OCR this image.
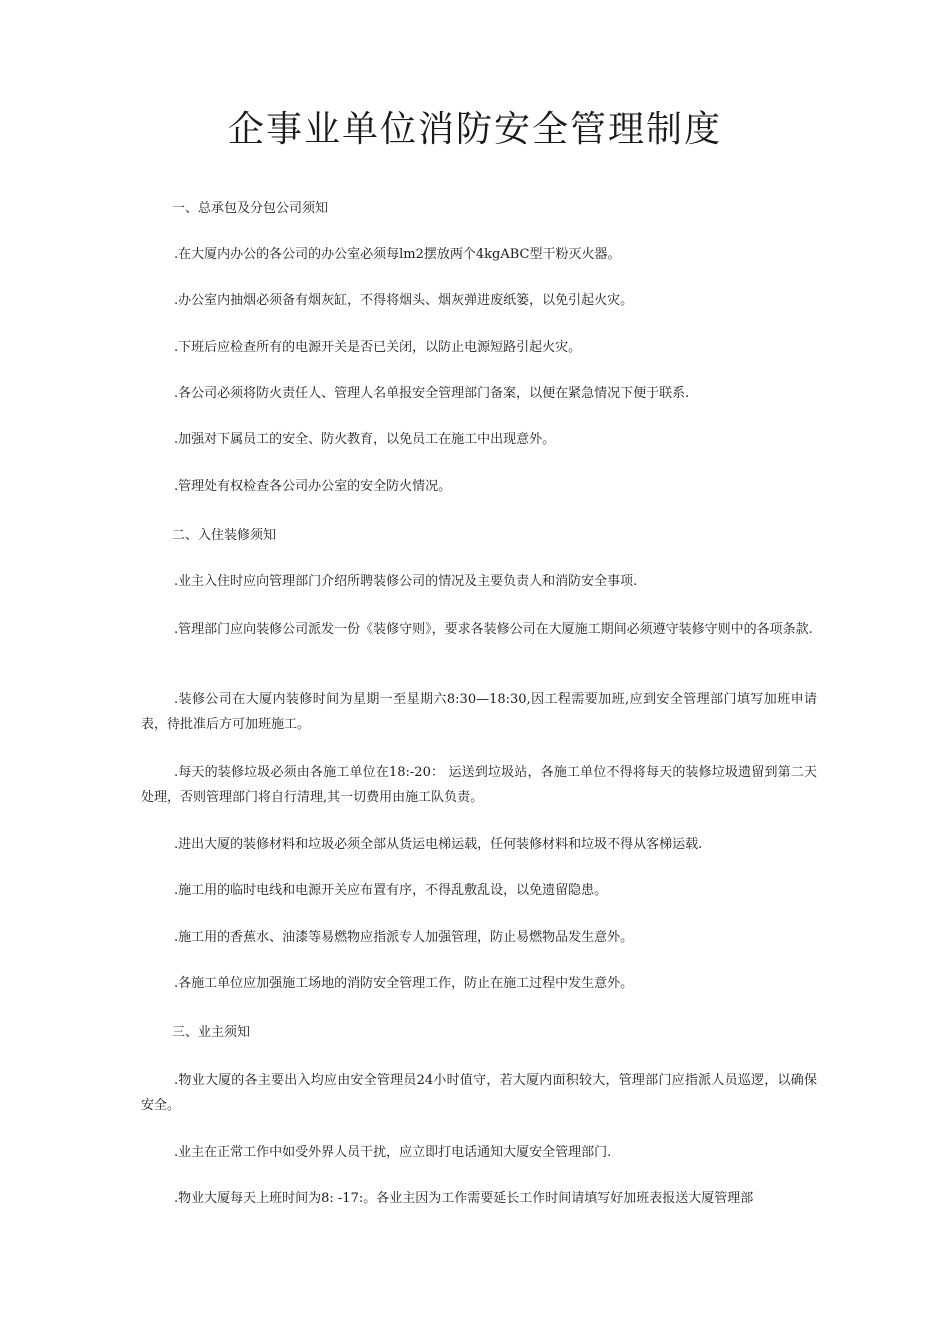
企事业单位消防安全管理制度

一、总承包及分包公司须知

.在大厦内办公的各公司的办公室必须每lm2摆放两个4kgABC型干粉灭火器。

.办公室内抽烟必须备有烟灰缸，不得将烟头、烟灰弹进废纸篓，以免引起火灾。

.下班后应检查所有的电源开关是否已关闭，以防止电源短路引起火灾。

.各公司必须将防火责任人、管理人名单报安全管理部门备案，以便在紧急情况下便于联系.

.加强对下属员工的安全、防火教育，以免员工在施工中出现意外。

.管理处有权检查各公司办公室的安全防火情况。

二、入住装修须知

.业主入住时应向管理部门介绍所聘装修公司的情况及主要负责人和消防安全事项.

.管理部门应向装修公司派发一份《装修守则》，要求各装修公司在大厦施工期间必须遵守装修守则中的各项条款.

.装修公司在大厦内装修时间为星期一至星期六8:30—18:30,因工程需要加班,应到安全管理部门填写加班申请表，待批准后方可加班施工。

.每天的装修垃圾必须由各施工单位在18:-20： 运送到垃圾站，各施工单位不得将每天的装修垃圾遗留到第二天处理，否则管理部门将自行清理,其一切费用由施工队负责。

.进出大厦的装修材料和垃圾必须全部从货运电梯运载，任何装修材料和垃圾不得从客梯运载.

.施工用的临时电线和电源开关应布置有序，不得乱敷乱设，以免遗留隐患。

.施工用的香蕉水、油漆等易燃物应指派专人加强管理，防止易燃物品发生意外。

.各施工单位应加强施工场地的消防安全管理工作，防止在施工过程中发生意外。

三、业主须知

.物业大厦的各主要出入均应由安全管理员24小时值守，若大厦内面积较大，管理部门应指派人员巡逻，以确保安全。

.业主在正常工作中如受外界人员干扰，应立即打电话通知大厦安全管理部门.

.物业大厦每天上班时间为8: -17:。各业主因为工作需要延长工作时间请填写好加班表报送大厦管理部
